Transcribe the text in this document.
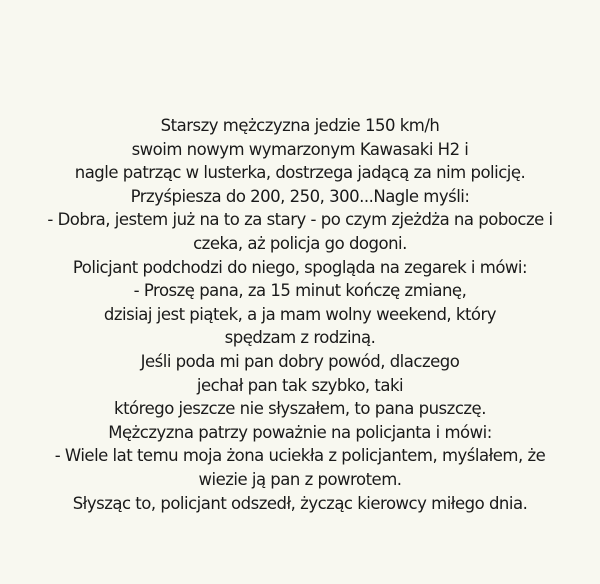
Starszy mężczyzna jedzie 150 km/h
swoim nowym wymarzonym Kawasaki H2 i
nagle patrząc w lusterka, dostrzega jadącą za nim policję.
Przyśpiesza do 200, 250, 300...Nagle myśli:
- Dobra, jestem już na to za stary - po czym zjeżdża na pobocze i
czeka, aż policja go dogoni.
Policjant podchodzi do niego, spogląda na zegarek i mówi:
- Proszę pana, za 15 minut kończę zmianę,
dzisiaj jest piątek, a ja mam wolny weekend, który
spędzam z rodziną.
Jeśli poda mi pan dobry powód, dlaczego
jechał pan tak szybko, taki
którego jeszcze nie słyszałem, to pana puszczę.
Mężczyzna patrzy poważnie na policjanta i mówi:
- Wiele lat temu moja żona uciekła z policjantem, myślałem, że
wiezie ją pan z powrotem.
Słysząc to, policjant odszedł, życząc kierowcy miłego dnia.
